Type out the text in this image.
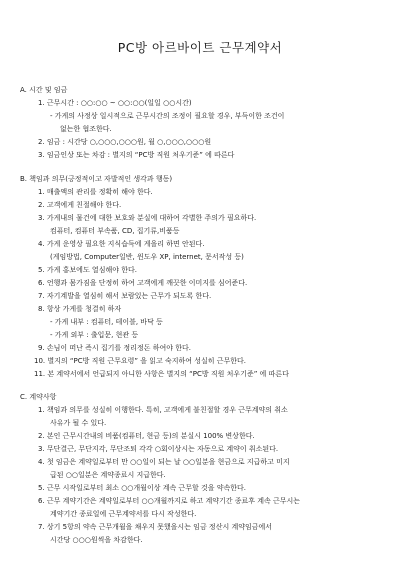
PC방 아르바이트 근무계약서
A. 시간 및 임금
1. 근무시간 : ○○:○○ ~ ○○:○○(일일 ○○시간)
- 가게의 사정상 일시적으로 근무시간의 조정이 필요할 경우, 부득이한 조건이
없는한 협조한다.
2. 임금 : 시간당 ○,○○○,○○○원, 월 ○,○○○,○○○원
3. 임금인상 또는 차감 : 별지의 “PC방 직원 처우기준” 에 따른다
B. 책임과 의무(긍정적이고 자발적인 생각과 행동)
1. 매출액의 관리를 정확히 해야 한다.
2. 고객에게 친절해야 한다.
3. 가게내의 물건에 대한 보호와 분실에 대하여 각별한 주의가 필요하다.
컴퓨터, 컴퓨터 부속품, CD, 집기류,비품등
4. 가게 운영상 필요한 지식습득에 게을리 하면 안된다.
(게임방법, Computer일반, 윈도우 XP, internet, 문서작성 등)
5. 가게 홍보에도 열심해야 한다.
6. 언행과 몸가짐을 단정히 하여 고객에게 깨끗한 이미지를 심어준다.
7. 자기계발을 열심히 해서 보람있는 근무가 되도록 한다.
8. 항상 가게를 청결히 하자
- 가게 내부 : 컴퓨터, 테이블, 바닥 등
- 가게 외부 : 출입문, 현관 등
9. 손님이 떠난 즉시 집기를 정리정돈 하여야 한다.
10. 별지의 “PC방 직원 근무요령” 을 읽고 숙지하여 성실히 근무한다.
11. 본 계약서에서 언급되지 아니한 사항은 별지의 “PC방 직원 처우기준” 에 따른다
C. 계약사항
1. 책임과 의무를 성실히 이행한다. 특히, 고객에게 불친절할 경우 근무계약의 취소
사유가 될 수 있다.
2. 본인 근무시간내의 비품(컴퓨터, 현금 등)의 분실시 100% 변상한다.
3. 무단결근, 무단지각, 무단조퇴 각각 ○회이상시는 자동으로 계약이 취소된다.
4. 첫 임금은 계약일로부터 만 ○○일이 되는 날 ○○일분을 현금으로 지급하고 미지
급된 ○○일분은 계약종료시 지급한다.
5. 근무 시작일로부터 최소 ○○개월이상 계속 근무할 것을 약속한다.
6. 근무 계약기간은 계약일로부터 ○○개월까지로 하고 계약기간 종료후 계속 근무시는
계약기간 종료일에 근무계약서를 다시 작성한다.
7. 상기 5항의 약속 근무개월을 채우지 못했을시는 임금 정산시 계약임금에서
시간당 ○○○원씩을 차감한다.
